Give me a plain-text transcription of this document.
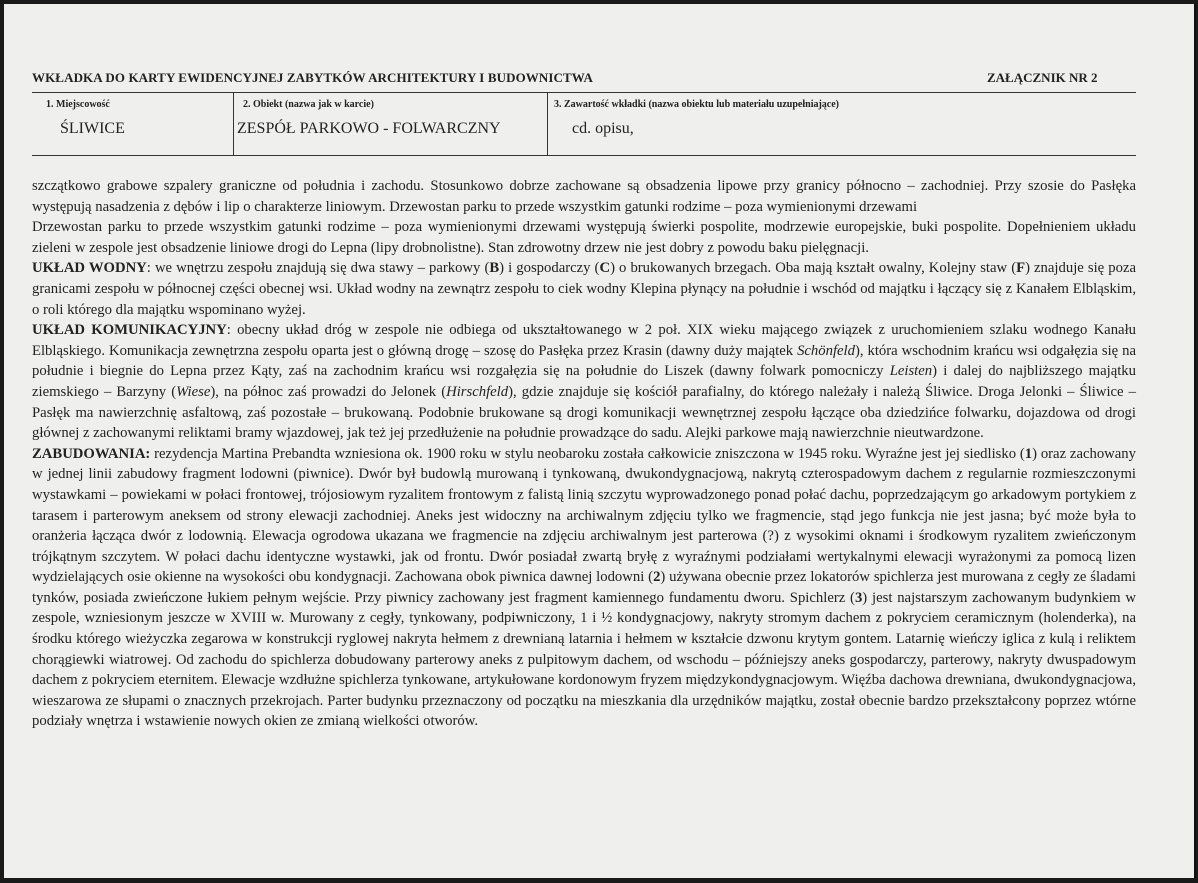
WKŁADKA DO KARTY EWIDENCYJNEJ ZABYTKÓW ARCHITEKTURY I BUDOWNICTWA	ZAŁĄCZNIK NR 2
1. Miejscowość
ŚLIWICE
2. Obiekt (nazwa jak w karcie)
ZESPÓŁ PARKOWO - FOLWARCZNY
3. Zawartość wkładki (nazwa obiektu lub materiału uzupełniające)
cd. opisu,

szczątkowo grabowe szpalery graniczne od południa i zachodu. Stosunkowo dobrze zachowane są obsadzenia lipowe przy granicy północno – zachodniej. Przy szosie do Pasłęka występują nasadzenia z dębów i lip o charakterze liniowym. Drzewostan parku to przede wszystkim gatunki rodzime – poza wymienionymi drzewami

Drzewostan parku to przede wszystkim gatunki rodzime – poza wymienionymi drzewami występują świerki pospolite, modrzewie europejskie, buki pospolite. Dopełnieniem układu zieleni w zespole jest obsadzenie liniowe drogi do Lepna (lipy drobnolistne). Stan zdrowotny drzew nie jest dobry z powodu baku pielęgnacji.

UKŁAD WODNY: we wnętrzu zespołu znajdują się dwa stawy – parkowy (B) i gospodarczy (C) o brukowanych brzegach. Oba mają kształt owalny, Kolejny staw (F) znajduje się poza granicami zespołu w północnej części obecnej wsi. Układ wodny na zewnątrz zespołu to ciek wodny Klepina płynący na południe i wschód od majątku i łączący się z Kanałem Elbląskim, o roli którego dla majątku wspominano wyżej.

UKŁAD KOMUNIKACYJNY: obecny układ dróg w zespole nie odbiega od ukształtowanego w 2 poł. XIX wieku mającego związek z uruchomieniem szlaku wodnego Kanału Elbląskiego. Komunikacja zewnętrzna zespołu oparta jest o główną drogę – szosę do Pasłęka przez Krasin (dawny duży majątek Schönfeld), która wschodnim krańcu wsi odgałęzia się na południe i biegnie do Lepna przez Kąty, zaś na zachodnim krańcu wsi rozgałęzia się na południe do Liszek (dawny folwark pomocniczy Leisten) i dalej do najbliższego majątku ziemskiego – Barzyny (Wiese), na północ zaś prowadzi do Jelonek (Hirschfeld), gdzie znajduje się kościół parafialny, do którego należały i należą Śliwice. Droga Jelonki – Śliwice – Pasłęk ma nawierzchnię asfaltową, zaś pozostałe – brukowaną. Podobnie brukowane są drogi komunikacji wewnętrznej zespołu łączące oba dziedzińce folwarku, dojazdowa od drogi głównej z zachowanymi reliktami bramy wjazdowej, jak też jej przedłużenie na południe prowadzące do sadu. Alejki parkowe mają nawierzchnie nieutwardzone.

ZABUDOWANIA: rezydencja Martina Prebandta wzniesiona ok. 1900 roku w stylu neobaroku została całkowicie zniszczona w 1945 roku. Wyraźne jest jej siedlisko (1) oraz zachowany w jednej linii zabudowy fragment lodowni (piwnice). Dwór był budowlą murowaną i tynkowaną, dwukondygnacjową, nakrytą czterospadowym dachem z regularnie rozmieszczonymi wystawkami – powiekami w połaci frontowej, trójosiowym ryzalitem frontowym z falistą linią szczytu wyprowadzonego ponad połać dachu, poprzedzającym go arkadowym portykiem z tarasem i parterowym aneksem od strony elewacji zachodniej. Aneks jest widoczny na archiwalnym zdjęciu tylko we fragmencie, stąd jego funkcja nie jest jasna; być może była to oranżeria łącząca dwór z lodownią. Elewacja ogrodowa ukazana we fragmencie na zdjęciu archiwalnym jest parterowa (?) z wysokimi oknami i środkowym ryzalitem zwieńczonym trójkątnym szczytem. W połaci dachu identyczne wystawki, jak od frontu. Dwór posiadał zwartą bryłę z wyraźnymi podziałami wertykalnymi elewacji wyrażonymi za pomocą lizen wydzielających osie okienne na wysokości obu kondygnacji. Zachowana obok piwnica dawnej lodowni (2) używana obecnie przez lokatorów spichlerza jest murowana z cegły ze śladami tynków, posiada zwieńczone łukiem pełnym wejście. Przy piwnicy zachowany jest fragment kamiennego fundamentu dworu. Spichlerz (3) jest najstarszym zachowanym budynkiem w zespole, wzniesionym jeszcze w XVIII w. Murowany z cegły, tynkowany, podpiwniczony, 1 i ½ kondygnacjowy, nakryty stromym dachem z pokryciem ceramicznym (holenderka), na środku którego wieżyczka zegarowa w konstrukcji ryglowej nakryta hełmem z drewnianą latarnia i hełmem w kształcie dzwonu krytym gontem. Latarnię wieńczy iglica z kulą i reliktem chorągiewki wiatrowej. Od zachodu do spichlerza dobudowany parterowy aneks z pulpitowym dachem, od wschodu – późniejszy aneks gospodarczy, parterowy, nakryty dwuspadowym dachem z pokryciem eternitem. Elewacje wzdłużne spichlerza tynkowane, artykułowane kordonowym fryzem międzykondygnacjowym. Więźba dachowa drewniana, dwukondygnacjowa, wieszarowa ze słupami o znacznych przekrojach. Parter budynku przeznaczony od początku na mieszkania dla urzędników majątku, został obecnie bardzo przekształcony poprzez wtórne podziały wnętrza i wstawienie nowych okien ze zmianą wielkości otworów.
